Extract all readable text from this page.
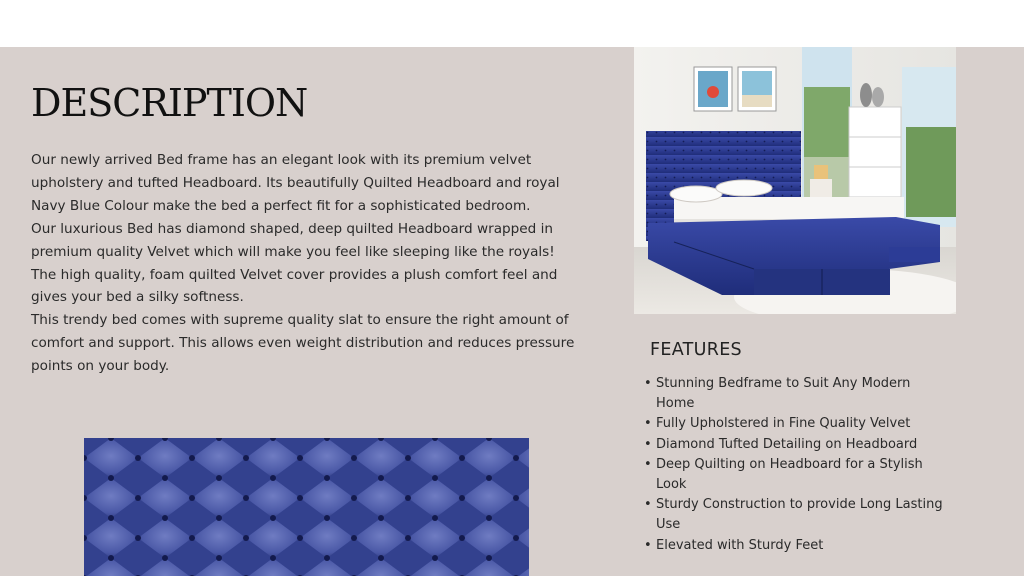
DESCRIPTION

Our newly arrived Bed frame has an elegant look with its premium velvet upholstery and tufted Headboard. Its beautifully Quilted Headboard and royal Navy Blue Colour make the bed a perfect fit for a sophisticated bedroom.

Our luxurious Bed has diamond shaped, deep quilted Headboard wrapped in premium quality Velvet which will make you feel like sleeping like the royals!

The high quality, foam quilted Velvet cover provides a plush comfort feel and gives your bed a silky softness.

This trendy bed comes with supreme quality slat to ensure the right amount of comfort and support. This allows even weight distribution and reduces pressure points on your body.

FEATURES
• Stunning Bedframe to Suit Any Modern Home
• Fully Upholstered in Fine Quality Velvet
• Diamond Tufted Detailing on Headboard
• Deep Quilting on Headboard for a Stylish Look
• Sturdy Construction to provide Long Lasting Use
• Elevated with Sturdy Feet
